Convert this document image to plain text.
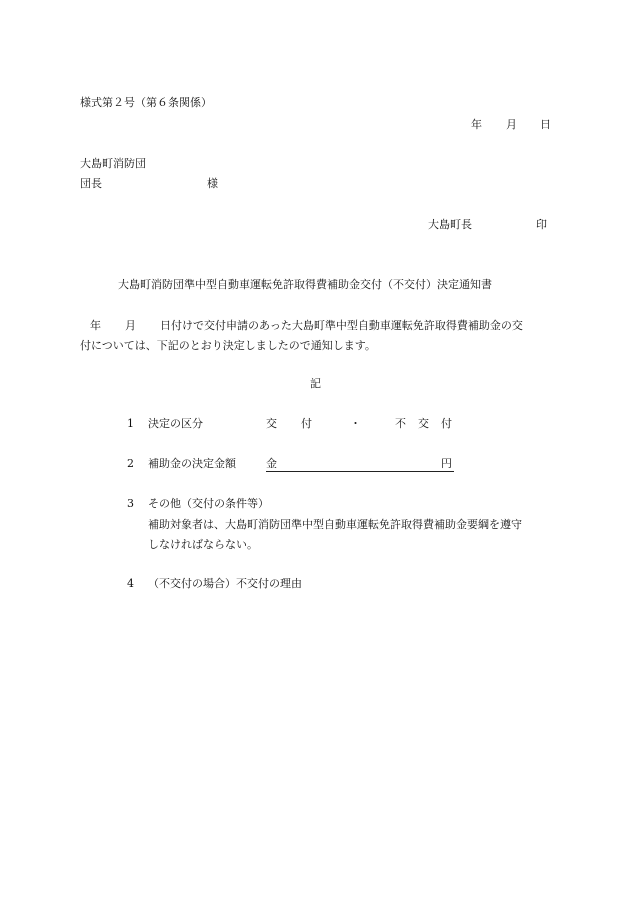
様式第２号（第６条関係）
年 月 日
大島町消防団
団長	様
大島町長	印
大島町消防団準中型自動車運転免許取得費補助金交付（不交付）決定通知書
年 月 日付けで交付申請のあった大島町準中型自動車運転免許取得費補助金の交
付については、下記のとおり決定しましたので通知します。
記
1 決定の区分	交 付	・	不 交 付
2 補助金の決定金額	金	円
3 その他（交付の条件等）
補助対象者は、大島町消防団準中型自動車運転免許取得費補助金要綱を遵守
しなければならない。
4 （不交付の場合）不交付の理由
